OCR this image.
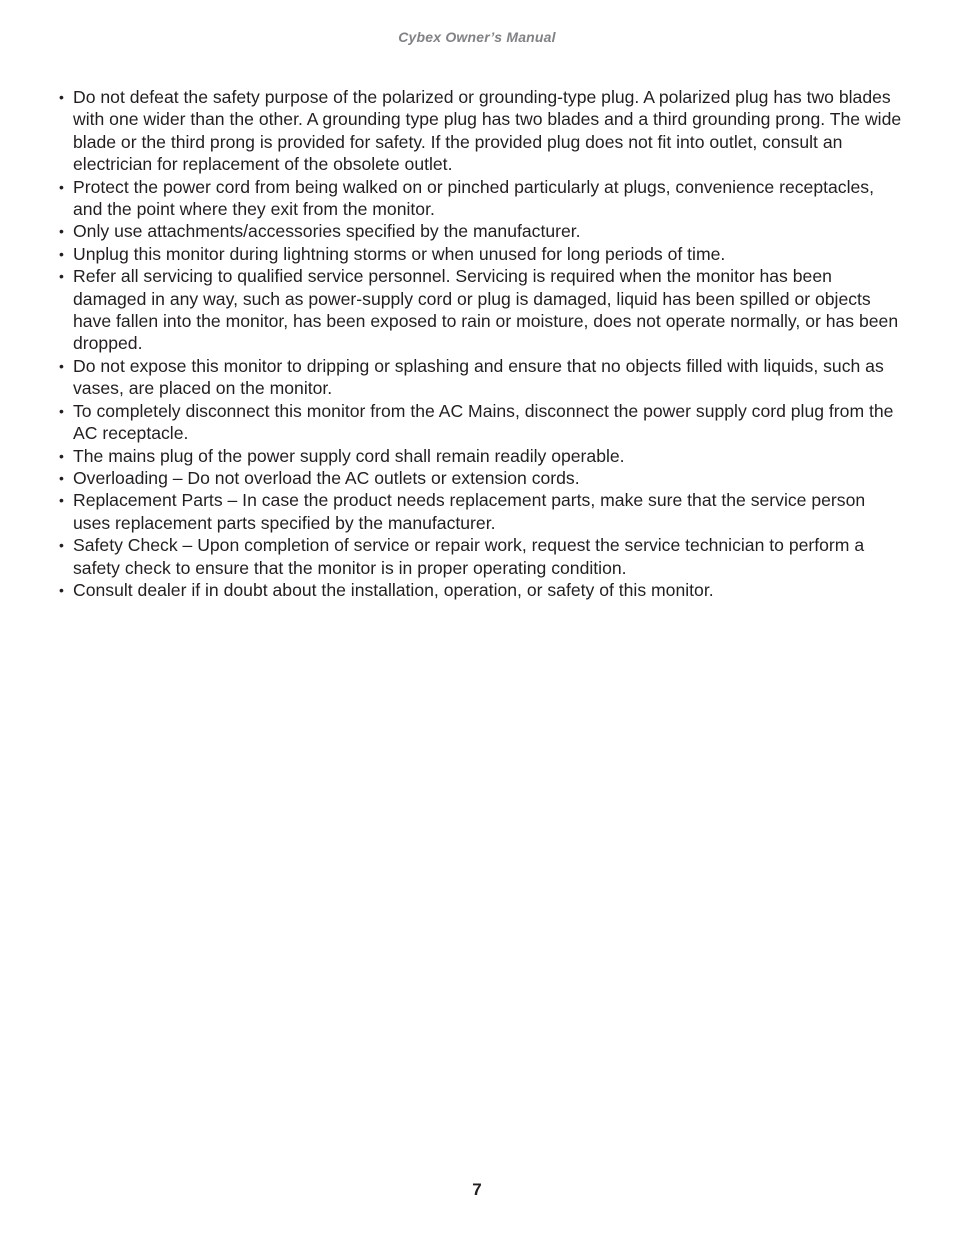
Cybex Owner’s Manual
• Do not defeat the safety purpose of the polarized or grounding-type plug. A polarized plug has two blades with one wider than the other. A grounding type plug has two blades and a third grounding prong. The wide blade or the third prong is provided for safety. If the provided plug does not fit into outlet, consult an electrician for replacement of the obsolete outlet.
• Protect the power cord from being walked on or pinched particularly at plugs, convenience receptacles, and the point where they exit from the monitor.
• Only use attachments/accessories specified by the manufacturer.
• Unplug this monitor during lightning storms or when unused for long periods of time.
• Refer all servicing to qualified service personnel. Servicing is required when the monitor has been damaged in any way, such as power-supply cord or plug is damaged, liquid has been spilled or objects have fallen into the monitor, has been exposed to rain or moisture, does not operate normally, or has been dropped.
• Do not expose this monitor to dripping or splashing and ensure that no objects filled with liquids, such as vases, are placed on the monitor.
• To completely disconnect this monitor from the AC Mains, disconnect the power supply cord plug from the AC receptacle.
• The mains plug of the power supply cord shall remain readily operable.
• Overloading – Do not overload the AC outlets or extension cords.
• Replacement Parts – In case the product needs replacement parts, make sure that the service person uses replacement parts specified by the manufacturer.
• Safety Check – Upon completion of service or repair work, request the service technician to perform a safety check to ensure that the monitor is in proper operating condition.
• Consult dealer if in doubt about the installation, operation, or safety of this monitor.
7
